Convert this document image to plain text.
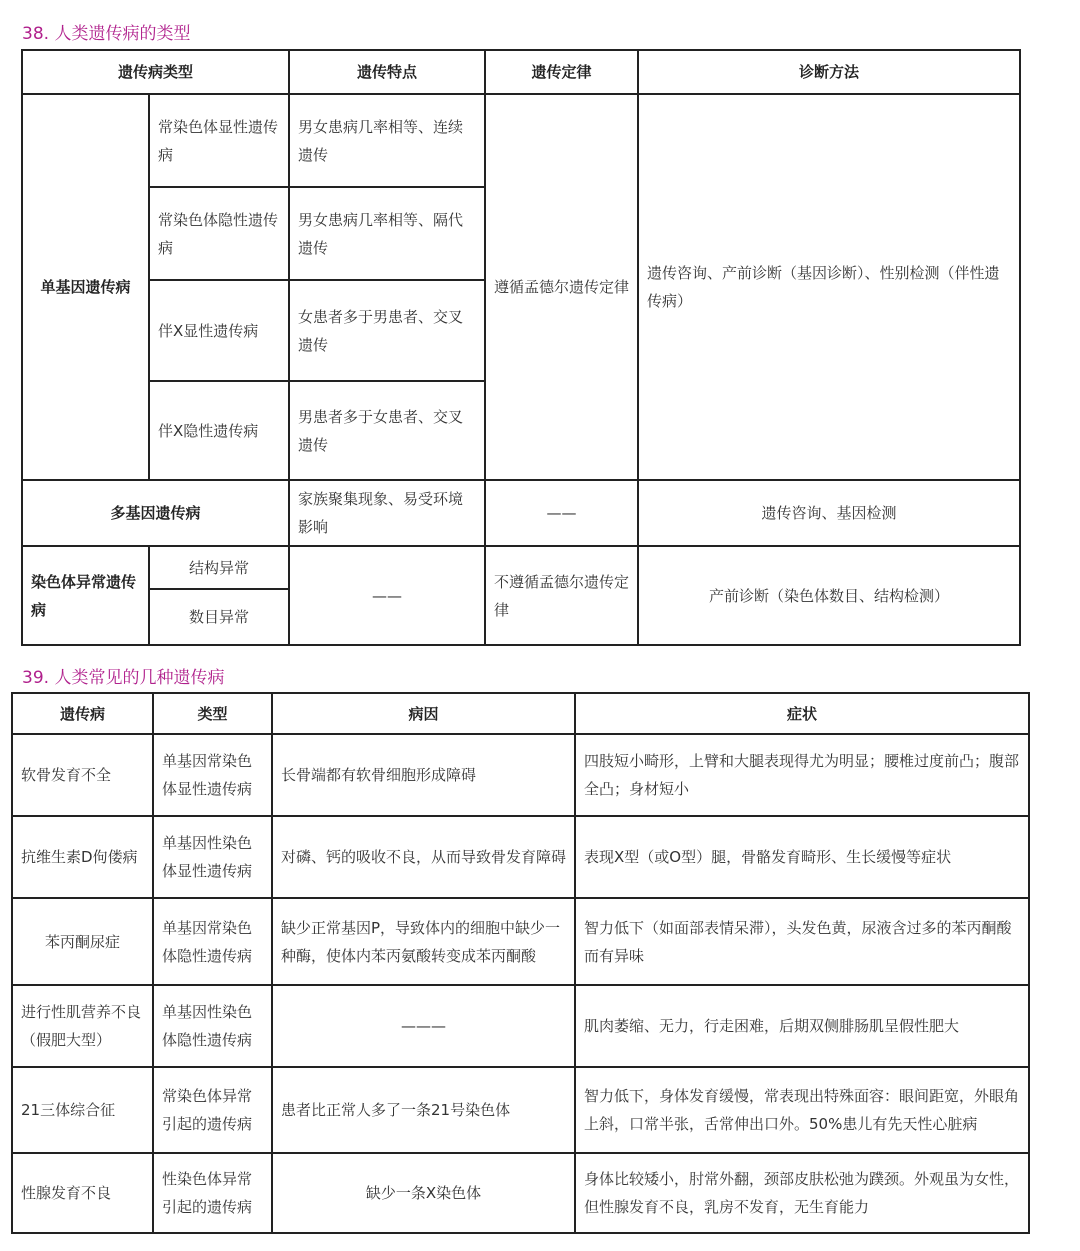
38. 人类遗传病的类型
遗传病类型		遗传特点	遗传定律	诊断方法
单基因遗传病	常染色体显性遗传病	男女患病几率相等、连续遗传	遵循孟德尔遗传定律	遗传咨询、产前诊断（基因诊断）、性别检测（伴性遗传病）
	常染色体隐性遗传病	男女患病几率相等、隔代遗传		
	伴X显性遗传病	女患者多于男患者、交叉遗传		
	伴X隐性遗传病	男患者多于女患者、交叉遗传		
多基因遗传病		家族聚集现象、易受环境影响	——	遗传咨询、基因检测
染色体异常遗传病	结构异常	——	不遵循孟德尔遗传定律	产前诊断（染色体数目、结构检测）
	数目异常			
39. 人类常见的几种遗传病
遗传病	类型	病因	症状
软骨发育不全	单基因常染色体显性遗传病	长骨端都有软骨细胞形成障碍	四肢短小畸形，上臂和大腿表现得尤为明显；腰椎过度前凸；腹部全凸；身材短小
抗维生素D佝偻病	单基因性染色体显性遗传病	对磷、钙的吸收不良，从而导致骨发育障碍	表现X型（或O型）腿，骨骼发育畸形、生长缓慢等症状
苯丙酮尿症	单基因常染色体隐性遗传病	缺少正常基因P，导致体内的细胞中缺少一种酶，使体内苯丙氨酸转变成苯丙酮酸	智力低下（如面部表情呆滞），头发色黄，尿液含过多的苯丙酮酸而有异味
进行性肌营养不良（假肥大型）	单基因性染色体隐性遗传病	———	肌肉萎缩、无力，行走困难，后期双侧腓肠肌呈假性肥大
21三体综合征	常染色体异常引起的遗传病	患者比正常人多了一条21号染色体	智力低下，身体发育缓慢，常表现出特殊面容：眼间距宽，外眼角上斜，口常半张，舌常伸出口外。50%患儿有先天性心脏病
性腺发育不良	性染色体异常引起的遗传病	缺少一条X染色体	身体比较矮小，肘常外翻，颈部皮肤松弛为蹼颈。外观虽为女性，但性腺发育不良，乳房不发育，无生育能力
